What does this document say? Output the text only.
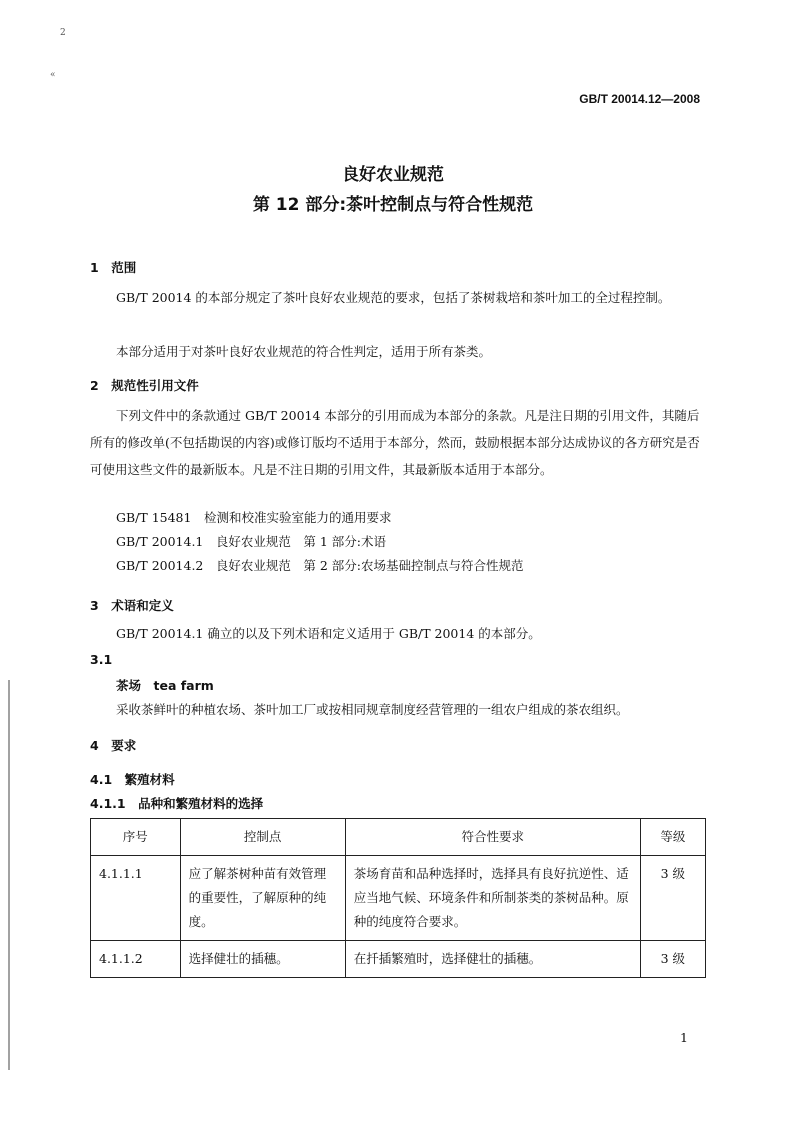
2
«
GB/T 20014.12—2008
良好农业规范
第 12 部分:茶叶控制点与符合性规范
1　范围
GB/T 20014 的本部分规定了茶叶良好农业规范的要求，包括了茶树栽培和茶叶加工的全过程控制。
本部分适用于对茶叶良好农业规范的符合性判定，适用于所有茶类。
2　规范性引用文件
下列文件中的条款通过 GB/T 20014 本部分的引用而成为本部分的条款。凡是注日期的引用文件，其随后所有的修改单(不包括勘误的内容)或修订版均不适用于本部分，然而，鼓励根据本部分达成协议的各方研究是否可使用这些文件的最新版本。凡是不注日期的引用文件，其最新版本适用于本部分。
GB/T 15481　检测和校准实验室能力的通用要求
GB/T 20014.1　良好农业规范　第 1 部分:术语
GB/T 20014.2　良好农业规范　第 2 部分:农场基础控制点与符合性规范
3　术语和定义
GB/T 20014.1 确立的以及下列术语和定义适用于 GB/T 20014 的本部分。
3.1
茶场　tea farm
采收茶鲜叶的种植农场、茶叶加工厂或按相同规章制度经营管理的一组农户组成的茶农组织。
4　要求
4.1　繁殖材料
4.1.1　品种和繁殖材料的选择
序号	控制点	符合性要求	等级
4.1.1.1	应了解茶树种苗有效管理的重要性，了解原种的纯度。	茶场育苗和品种选择时，选择具有良好抗逆性、适应当地气候、环境条件和所制茶类的茶树品种。原种的纯度符合要求。	3 级
4.1.1.2	选择健壮的插穗。	在扦插繁殖时，选择健壮的插穗。	3 级
1
